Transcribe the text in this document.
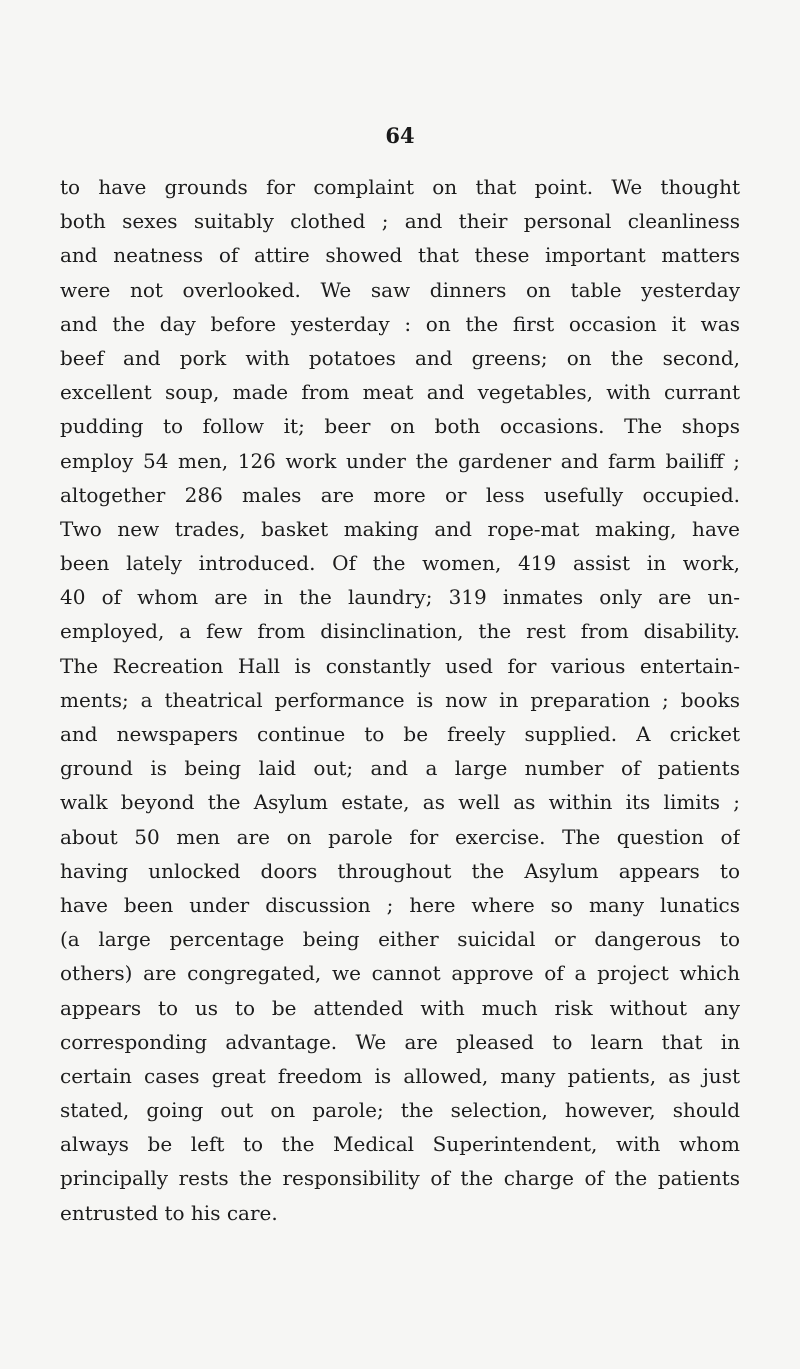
64
to have grounds for complaint on that point. We thought
both sexes suitably clothed ; and their personal cleanliness
and neatness of attire showed that these important matters
were not overlooked. We saw dinners on table yesterday
and the day before yesterday : on the first occasion it was
beef and pork with potatoes and greens; on the second,
excellent soup, made from meat and vegetables, with currant
pudding to follow it; beer on both occasions. The shops
employ 54 men, 126 work under the gardener and farm bailiff ;
altogether 286 males are more or less usefully occupied.
Two new trades, basket making and rope-mat making, have
been lately introduced. Of the women, 419 assist in work,
40 of whom are in the laundry; 319 inmates only are un-
employed, a few from disinclination, the rest from disability.
The Recreation Hall is constantly used for various entertain-
ments; a theatrical performance is now in preparation ; books
and newspapers continue to be freely supplied. A cricket
ground is being laid out; and a large number of patients
walk beyond the Asylum estate, as well as within its limits ;
about 50 men are on parole for exercise. The question of
having unlocked doors throughout the Asylum appears to
have been under discussion ; here where so many lunatics
(a large percentage being either suicidal or dangerous to
others) are congregated, we cannot approve of a project which
appears to us to be attended with much risk without any
corresponding advantage. We are pleased to learn that in
certain cases great freedom is allowed, many patients, as just
stated, going out on parole; the selection, however, should
always be left to the Medical Superintendent, with whom
principally rests the responsibility of the charge of the patients
entrusted to his care.
